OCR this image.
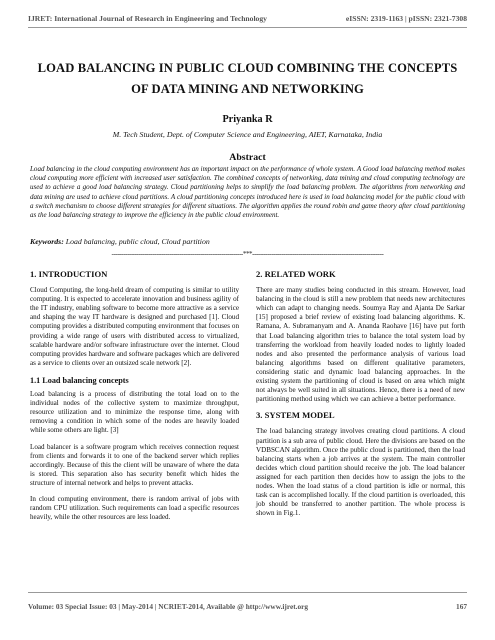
IJRET: International Journal of Research in Engineering and Technology	eISSN: 2319-1163 | pISSN: 2321-7308
LOAD BALANCING IN PUBLIC CLOUD COMBINING THE CONCEPTS OF DATA MINING AND NETWORKING
Priyanka R
M. Tech Student, Dept. of Computer Science and Engineering, AIET, Karnataka, India
Abstract
Load balancing in the cloud computing environment has an important impact on the performance of whole system. A Good load balancing method makes cloud computing more efficient with increased user satisfaction. The combined concepts of networking, data mining and cloud computing technology are used to achieve a good load balancing strategy. Cloud partitioning helps to simplify the load balancing problem. The algorithms from networking and data mining are used to achieve cloud partitions. A cloud partitioning concepts introduced here is used in load balancing model for the public cloud with a switch mechanism to choose different strategies for different situations. The algorithm applies the round robin and game theory after cloud partitioning as the load balancing strategy to improve the efficiency in the public cloud environment.
Keywords: Load balancing, public cloud, Cloud partition
--------------------------------------------------------------------***--------------------------------------------------------------------
1. INTRODUCTION

Cloud Computing, the long-held dream of computing is similar to utility computing. It is expected to accelerate innovation and business agility of the IT industry, enabling software to become more attractive as a service and shaping the way IT hardware is designed and purchased [1]. Cloud computing provides a distributed computing environment that focuses on providing a wide range of users with distributed access to virtualized, scalable hardware and/or software infrastructure over the internet. Cloud computing provides hardware and software packages which are delivered as a service to clients over an outsized scale network [2].

1.1 Load balancing concepts

Load balancing is a process of distributing the total load on to the individual nodes of the collective system to maximize throughput, resource utilization and to minimize the response time, along with removing a condition in which some of the nodes are heavily loaded while some others are light. [3]

Load balancer is a software program which receives connection request from clients and forwards it to one of the backend server which replies accordingly. Because of this the client will be unaware of where the data is stored. This separation also has security benefit which hides the structure of internal network and helps to prevent attacks.

In cloud computing environment, there is random arrival of jobs with random CPU utilization. Such requirements can load a specific resources heavily, while the other resources are less loaded.

2. RELATED WORK

There are many studies being conducted in this stream. However, load balancing in the cloud is still a new problem that needs new architectures which can adapt to changing needs. Soumya Ray and Ajanta De Sarkar [15] proposed a brief review of existing load balancing algorithms. K. Ramana, A. Subramanyam and A. Ananda Raohave [16] have put forth that Load balancing algorithm tries to balance the total system load by transferring the workload from heavily loaded nodes to lightly loaded nodes and also presented the performance analysis of various load balancing algorithms based on different qualitative parameters, considering static and dynamic load balancing approaches. In the existing system the partitioning of cloud is based on area which might not always be well suited in all situations. Hence, there is a need of new partitioning method using which we can achieve a better performance.

3. SYSTEM MODEL

The load balancing strategy involves creating cloud partitions. A cloud partition is a sub area of public cloud. Here the divisions are based on the VDBSCAN algorithm. Once the public cloud is partitioned, then the load balancing starts when a job arrives at the system. The main controller decides which cloud partition should receive the job. The load balancer assigned for each partition then decides how to assign the jobs to the nodes. When the load status of a cloud partition is idle or normal, this task can is accomplished locally. If the cloud partition is overloaded, this job should be transferred to another partition. The whole process is shown in Fig.1.

Volume: 03 Special Issue: 03 | May-2014 | NCRIET-2014, Available @ http://www.ijret.org	167
